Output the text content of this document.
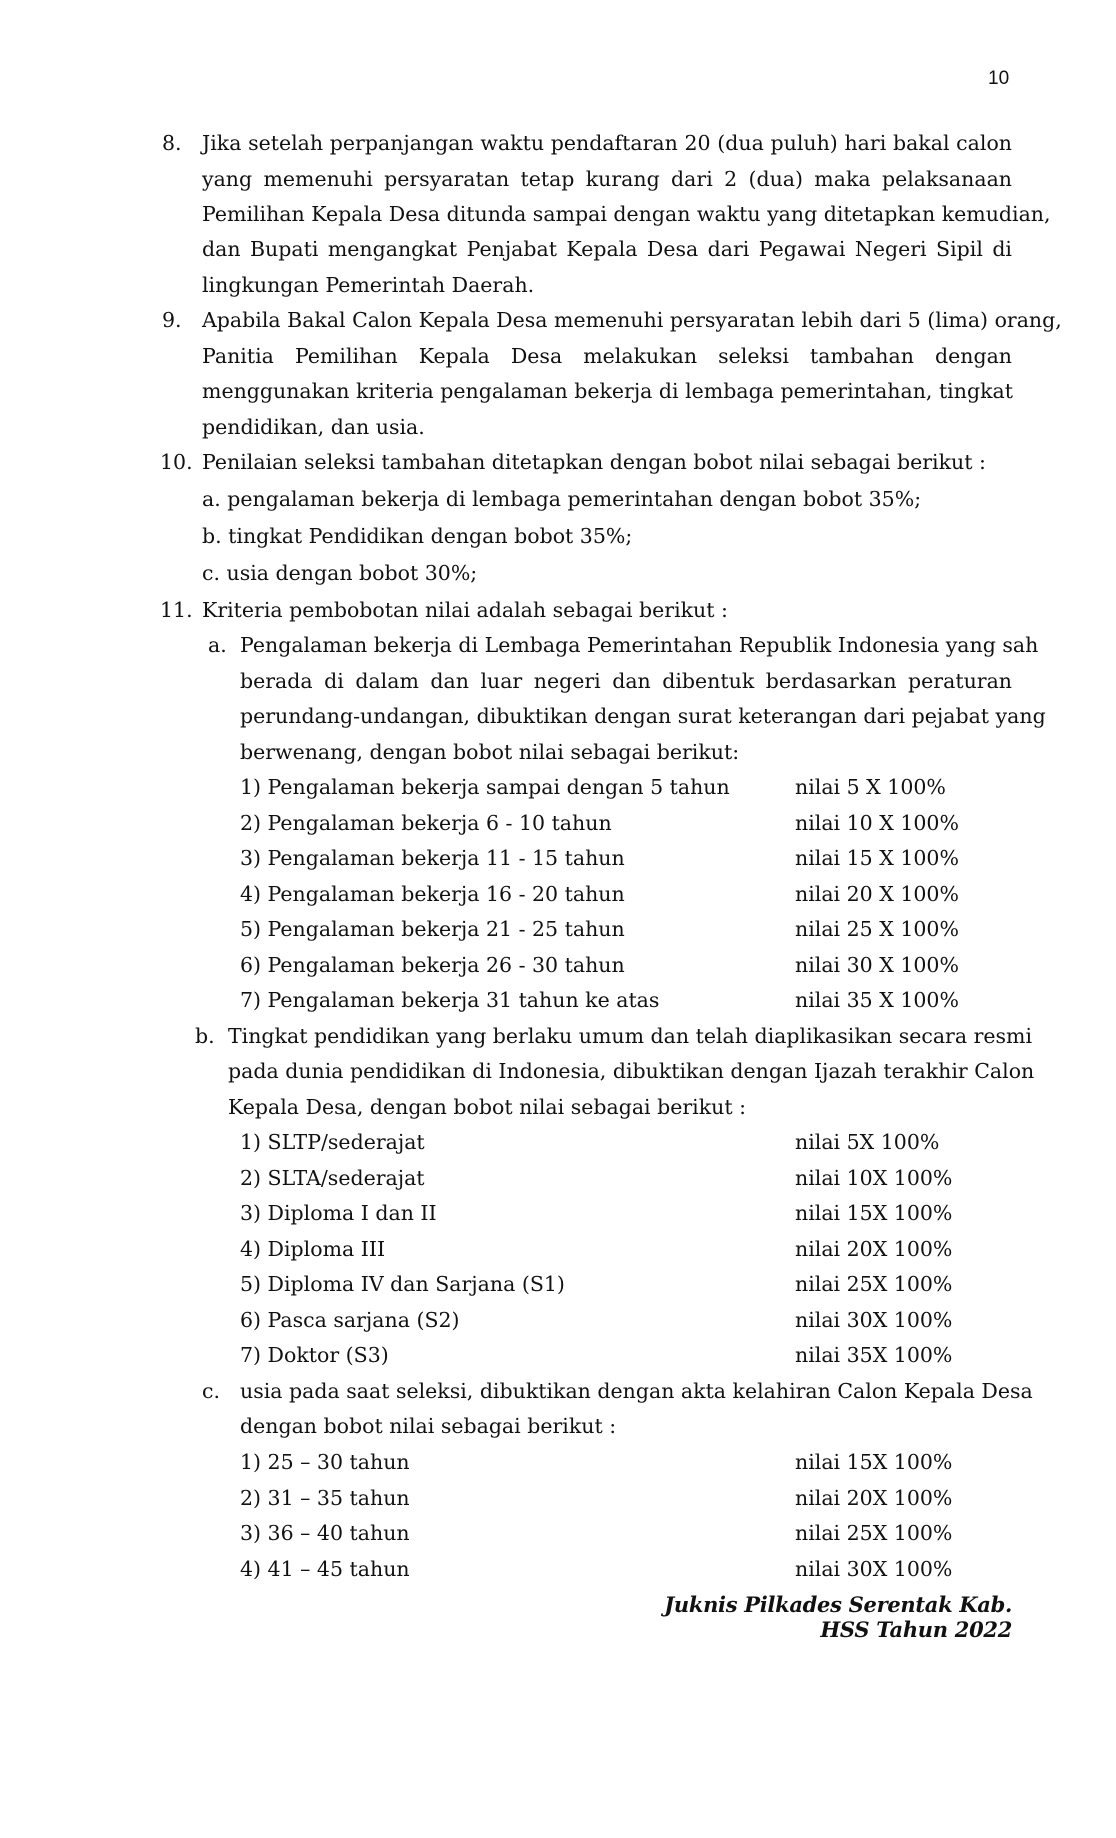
10
8. Jika setelah perpanjangan waktu pendaftaran 20 (dua puluh) hari bakal calon
yang memenuhi persyaratan tetap kurang dari 2 (dua) maka pelaksanaan
Pemilihan Kepala Desa ditunda sampai dengan waktu yang ditetapkan kemudian,
dan Bupati mengangkat Penjabat Kepala Desa dari Pegawai Negeri Sipil di
lingkungan Pemerintah Daerah.
9. Apabila Bakal Calon Kepala Desa memenuhi persyaratan lebih dari 5 (lima) orang,
Panitia Pemilihan Kepala Desa melakukan seleksi tambahan dengan
menggunakan kriteria pengalaman bekerja di lembaga pemerintahan, tingkat
pendidikan, dan usia.
10. Penilaian seleksi tambahan ditetapkan dengan bobot nilai sebagai berikut :
a. pengalaman bekerja di lembaga pemerintahan dengan bobot 35%;
b. tingkat Pendidikan dengan bobot 35%;
c. usia dengan bobot 30%;
11. Kriteria pembobotan nilai adalah sebagai berikut :
a. Pengalaman bekerja di Lembaga Pemerintahan Republik Indonesia yang sah
berada di dalam dan luar negeri dan dibentuk berdasarkan peraturan
perundang-undangan, dibuktikan dengan surat keterangan dari pejabat yang
berwenang, dengan bobot nilai sebagai berikut:
1) Pengalaman bekerja sampai dengan 5 tahun	nilai 5 X 100%
2) Pengalaman bekerja 6 - 10 tahun	nilai 10 X 100%
3) Pengalaman bekerja 11 - 15 tahun	nilai 15 X 100%
4) Pengalaman bekerja 16 - 20 tahun	nilai 20 X 100%
5) Pengalaman bekerja 21 - 25 tahun	nilai 25 X 100%
6) Pengalaman bekerja 26 - 30 tahun	nilai 30 X 100%
7) Pengalaman bekerja 31 tahun ke atas	nilai 35 X 100%
b. Tingkat pendidikan yang berlaku umum dan telah diaplikasikan secara resmi
pada dunia pendidikan di Indonesia, dibuktikan dengan Ijazah terakhir Calon
Kepala Desa, dengan bobot nilai sebagai berikut :
1) SLTP/sederajat	nilai 5X 100%
2) SLTA/sederajat	nilai 10X 100%
3) Diploma I dan II	nilai 15X 100%
4) Diploma III	nilai 20X 100%
5) Diploma IV dan Sarjana (S1)	nilai 25X 100%
6) Pasca sarjana (S2)	nilai 30X 100%
7) Doktor (S3)	nilai 35X 100%
c. usia pada saat seleksi, dibuktikan dengan akta kelahiran Calon Kepala Desa
dengan bobot nilai sebagai berikut :
1) 25 – 30 tahun	nilai 15X 100%
2) 31 – 35 tahun	nilai 20X 100%
3) 36 – 40 tahun	nilai 25X 100%
4) 41 – 45 tahun	nilai 30X 100%
Juknis Pilkades Serentak Kab. HSS Tahun 2022
